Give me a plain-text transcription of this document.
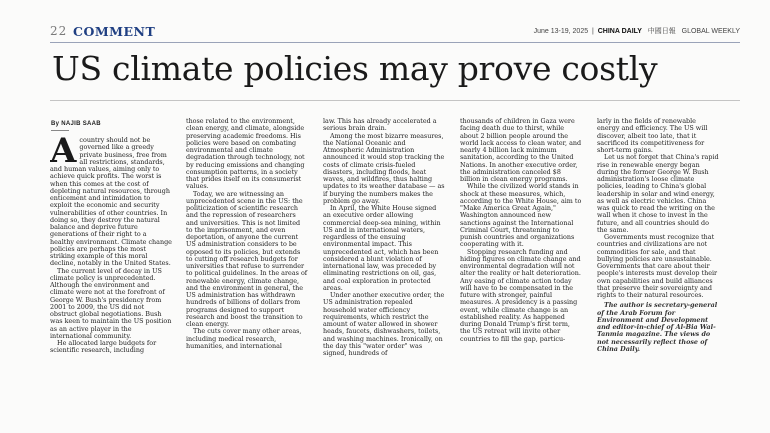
22 COMMENT	June 13-19, 2025  |  CHINA DAILY 中國日報 GLOBAL WEEKLY
US climate policies may prove costly
By NAJIB SAAB

Acountry should not be governed like a greedy private business, free from all restrictions, standards, and human values, aiming only to achieve quick profits. The worst is when this comes at the cost of depleting natural resources, through enticement and intimidation to exploit the economic and security vulnerabilities of other countries. In doing so, they destroy the natural balance and deprive future generations of their right to a healthy environment. Climate change policies are perhaps the most striking example of this moral decline, notably in the United States.

The current level of decay in US climate policy is unprecedented. Although the environment and climate were not at the forefront of George W. Bush's presidency from 2001 to 2009, the US did not obstruct global negotiations. Bush was keen to maintain the US position as an active player in the international community.

He allocated large budgets for scientific research, including

those related to the environment, clean energy, and climate, alongside preserving academic freedoms. His policies were based on combating environmental and climate degradation through technology, not by reducing emissions and changing consumption patterns, in a society that prides itself on its consumerist values.

Today, we are witnessing an unprecedented scene in the US: the politicization of scientific research and the repression of researchers and universities. This is not limited to the imprisonment, and even deportation, of anyone the current US administration considers to be opposed to its policies, but extends to cutting off research budgets for universities that refuse to surrender to political guidelines. In the areas of renewable energy, climate change, and the environment in general, the US administration has withdrawn hundreds of billions of dollars from programs designed to support research and boost the transition to clean energy.

The cuts cover many other areas, including medical research, humanities, and international

law. This has already accelerated a serious brain drain.

Among the most bizarre measures, the National Oceanic and Atmospheric Administration announced it would stop tracking the costs of climate crisis-fueled disasters, including floods, heat waves, and wildfires, thus halting updates to its weather database — as if burying the numbers makes the problem go away.

In April, the White House signed an executive order allowing commercial deep-sea mining, within US and in international waters, regardless of the ensuing environmental impact. This unprecedented act, which has been considered a blunt violation of international law, was preceded by eliminating restrictions on oil, gas, and coal exploration in protected areas.

Under another executive order, the US administration repealed household water efficiency requirements, which restrict the amount of water allowed in shower heads, faucets, dishwashers, toilets, and washing machines. Ironically, on the day this "water order" was signed, hundreds of

thousands of children in Gaza were facing death due to thirst, while about 2 billion people around the world lack access to clean water, and nearly 4 billion lack minimum sanitation, according to the United Nations. In another executive order, the administration canceled $8 billion in clean energy programs.

While the civilized world stands in shock at these measures, which, according to the White House, aim to "Make America Great Again," Washington announced new sanctions against the International Criminal Court, threatening to punish countries and organizations cooperating with it.

Stopping research funding and hiding figures on climate change and environmental degradation will not alter the reality or halt deterioration. Any easing of climate action today will have to be compensated in the future with stronger, painful measures. A presidency is a passing event, while climate change is an established reality. As happened during Donald Trump's first term, the US retreat will invite other countries to fill the gap, particu-

larly in the fields of renewable energy and efficiency. The US will discover, albeit too late, that it sacrificed its competitiveness for short-term gains.

Let us not forget that China's rapid rise in renewable energy began during the former George W. Bush administration's loose climate policies, leading to China's global leadership in solar and wind energy, as well as electric vehicles. China was quick to read the writing on the wall when it chose to invest in the future, and all countries should do the same.

Governments must recognize that countries and civilizations are not commodities for sale, and that bullying policies are unsustainable. Governments that care about their people's interests must develop their own capabilities and build alliances that preserve their sovereignty and rights to their natural resources.

The author is secretary-general of the Arab Forum for Environment and Development and editor-in-chief of Al-Bia Wal-Tanmia magazine. The views do not necessarily reflect those of China Daily.
